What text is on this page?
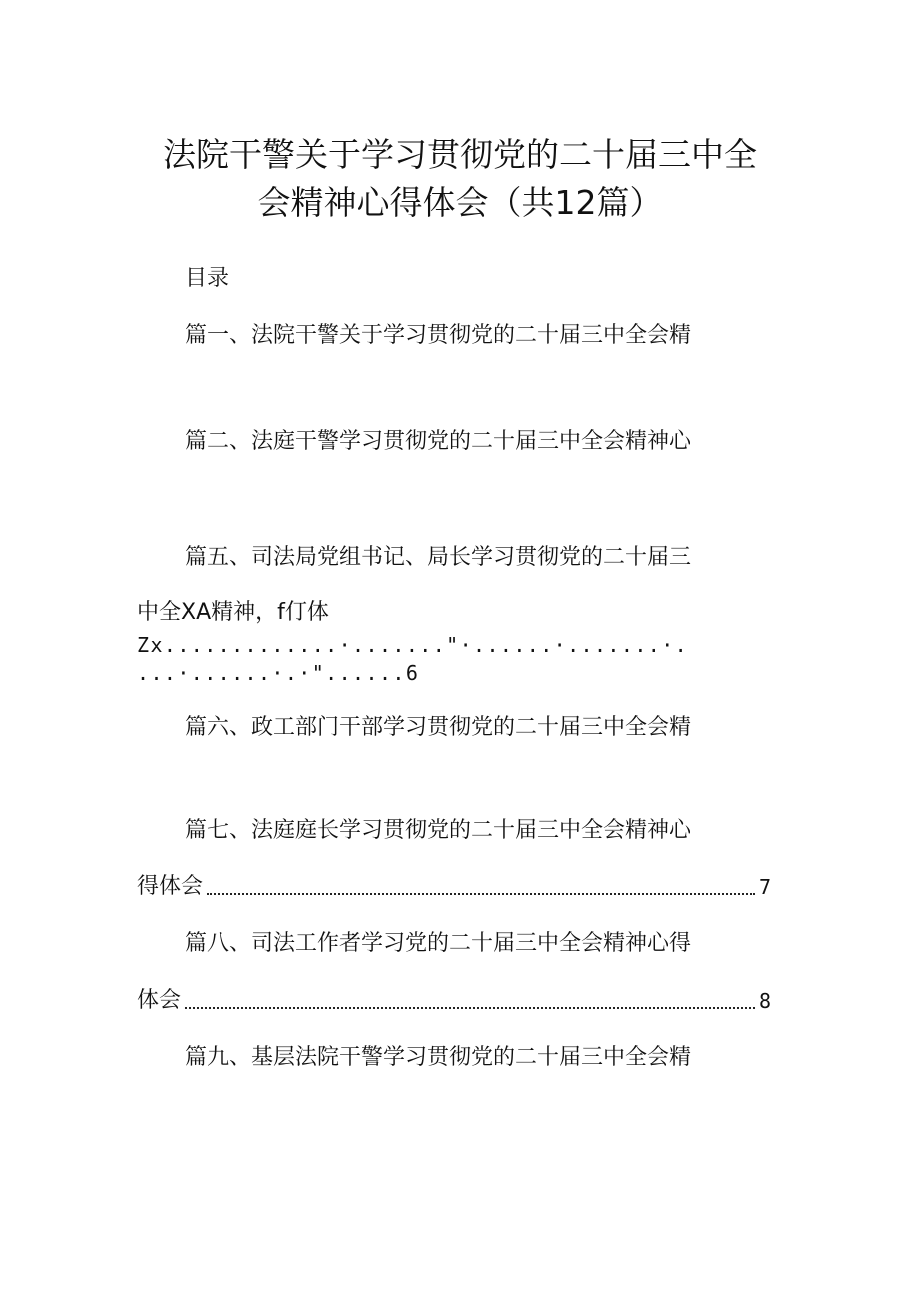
法院干警关于学习贯彻党的二十届三中全
会精神心得体会（共12篇）
目录
篇一、法院干警关于学习贯彻党的二十届三中全会精
篇二、法庭干警学习贯彻党的二十届三中全会精神心
篇五、司法局党组书记、局长学习贯彻党的二十届三
中全XA精神，f仃体
Zx.............·......."·......·.......·.
...·......·.·"......6
篇六、政工部门干部学习贯彻党的二十届三中全会精
篇七、法庭庭长学习贯彻党的二十届三中全会精神心
得体会	7
篇八、司法工作者学习党的二十届三中全会精神心得
体会	8
篇九、基层法院干警学习贯彻党的二十届三中全会精
